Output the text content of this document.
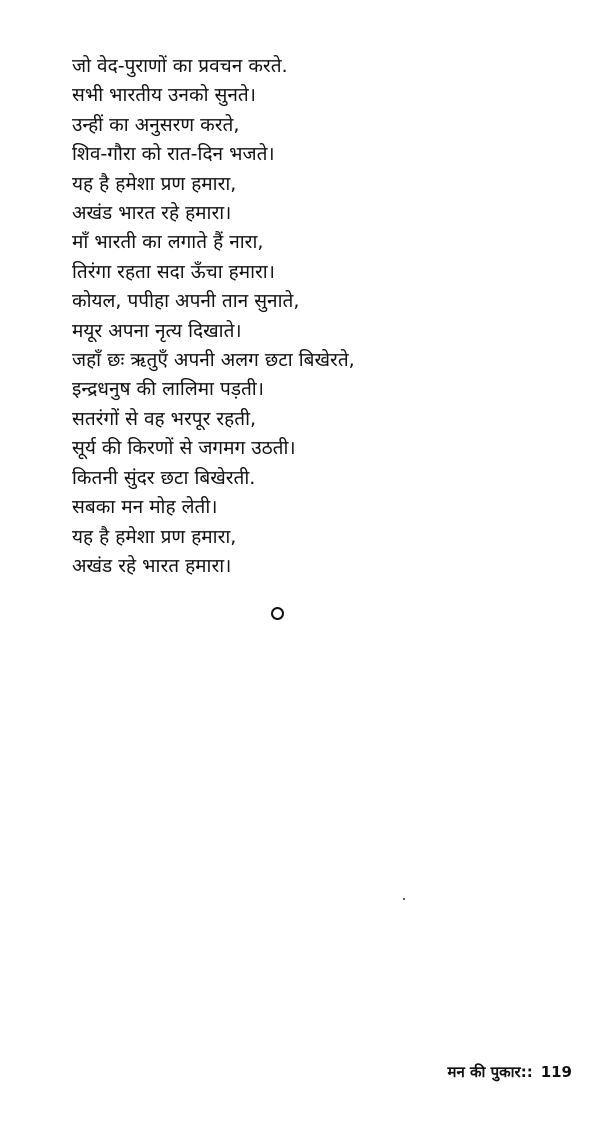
जो वेद-पुराणों का प्रवचन करते.
सभी भारतीय उनको सुनते।
उन्हीं का अनुसरण करते,
शिव-गौरा को रात-दिन भजते।
यह है हमेशा प्रण हमारा,
अखंड भारत रहे हमारा।
माँ भारती का लगाते हैं नारा,
तिरंगा रहता सदा ऊँचा हमारा।
कोयल, पपीहा अपनी तान सुनाते,
मयूर अपना नृत्य दिखाते।
जहाँ छः ऋतुएँ अपनी अलग छटा बिखेरते,
इन्द्रधनुष की लालिमा पड़ती।
सतरंगों से वह भरपूर रहती,
सूर्य की किरणों से जगमग उठती।
कितनी सुंदर छटा बिखेरती.
सबका मन मोह लेती।
यह है हमेशा प्रण हमारा,
अखंड रहे भारत हमारा।
मन की पुकार:: 119
